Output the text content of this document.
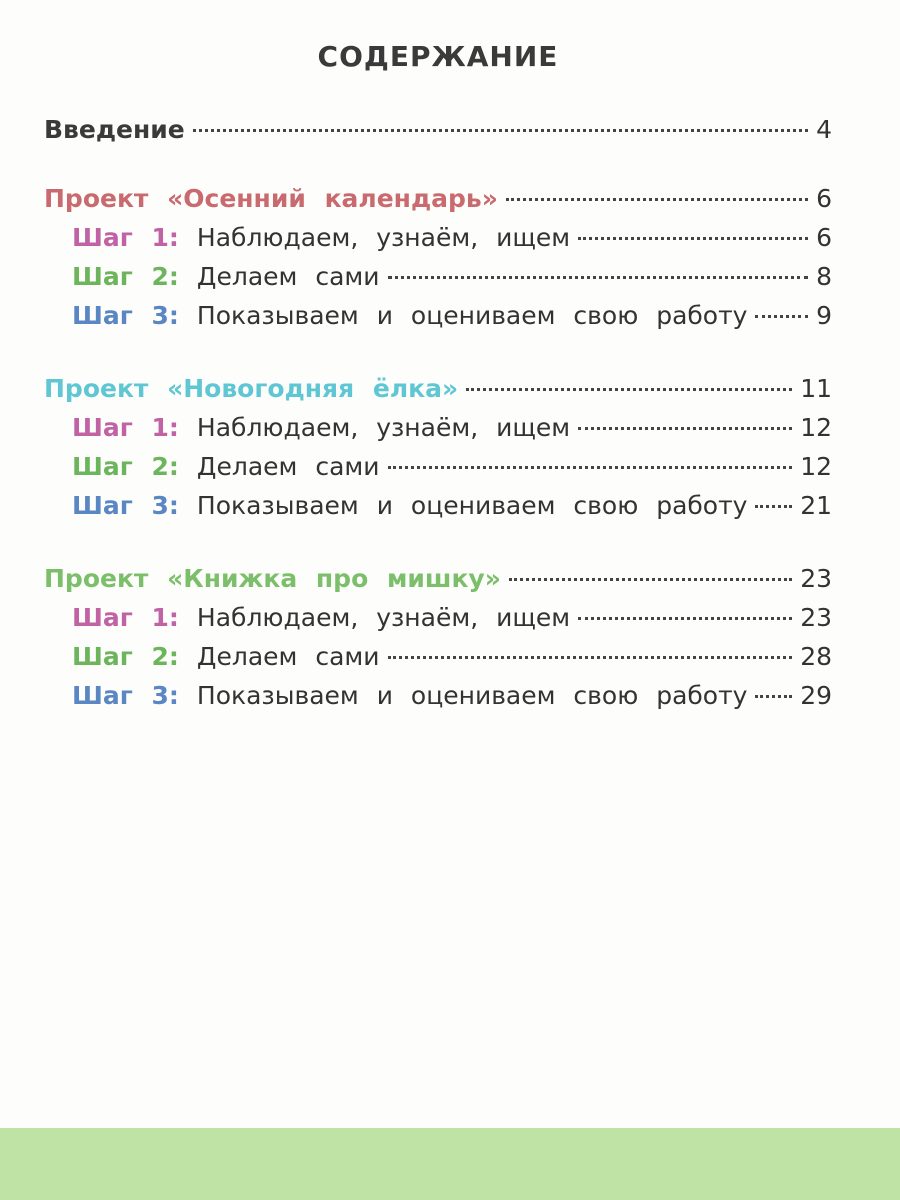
СОДЕРЖАНИЕ
Введение	4
Проект «Осенний календарь»	6
Шаг 1: Наблюдаем, узнаём, ищем	6
Шаг 2: Делаем сами	8
Шаг 3: Показываем и оцениваем свою работу	9
Проект «Новогодняя ёлка»	11
Шаг 1: Наблюдаем, узнаём, ищем	12
Шаг 2: Делаем сами	12
Шаг 3: Показываем и оцениваем свою работу 21
Проект «Книжка про мишку»	23
Шаг 1: Наблюдаем, узнаём, ищем	23
Шаг 2: Делаем сами	28
Шаг 3: Показываем и оцениваем свою работу 29
